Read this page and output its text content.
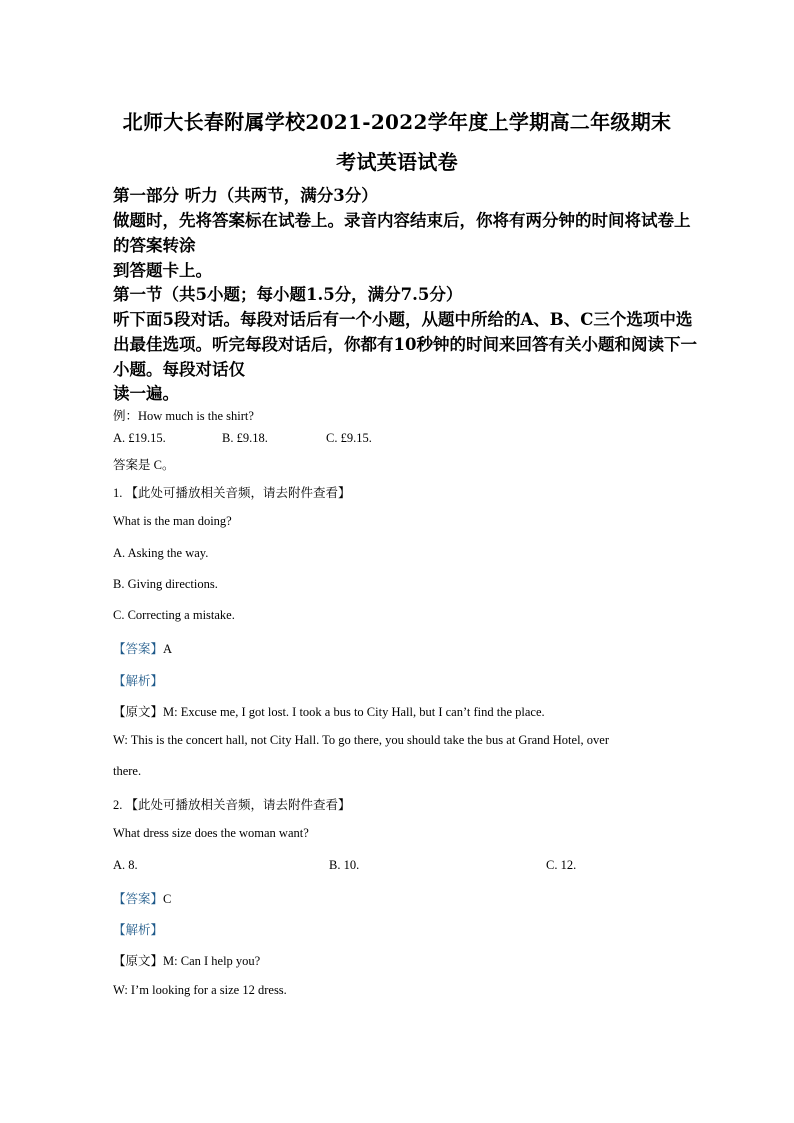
北师大长春附属学校2021-2022学年度上学期高二年级期末
考试英语试卷
第一部分 听力（共两节，满分3分）
做题时，先将答案标在试卷上。录音内容结束后，你将有两分钟的时间将试卷上
的答案转涂
到答题卡上。
第一节（共5小题；每小题1.5分，满分7.5分）
听下面5段对话。每段对话后有一个小题，从题中所给的A、B、C三个选项中选
出最佳选项。听完每段对话后，你都有10秒钟的时间来回答有关小题和阅读下一
小题。每段对话仅
读一遍。
例：How much is the shirt?
A. £19.15.	B. £9.18.	C. £9.15.
答案是 C。
1. 【此处可播放相关音频，请去附件查看】
What is the man doing?
A. Asking the way.
B. Giving directions.
C. Correcting a mistake.
【答案】A
【解析】
【原文】M: Excuse me, I got lost. I took a bus to City Hall, but I can’t find the place.
W: This is the concert hall, not City Hall. To go there, you should take the bus at Grand Hotel, over
there.
2. 【此处可播放相关音频，请去附件查看】
What dress size does the woman want?
A. 8.	B. 10.	C. 12.
【答案】C
【解析】
【原文】M: Can I help you?
W: I’m looking for a size 12 dress.
